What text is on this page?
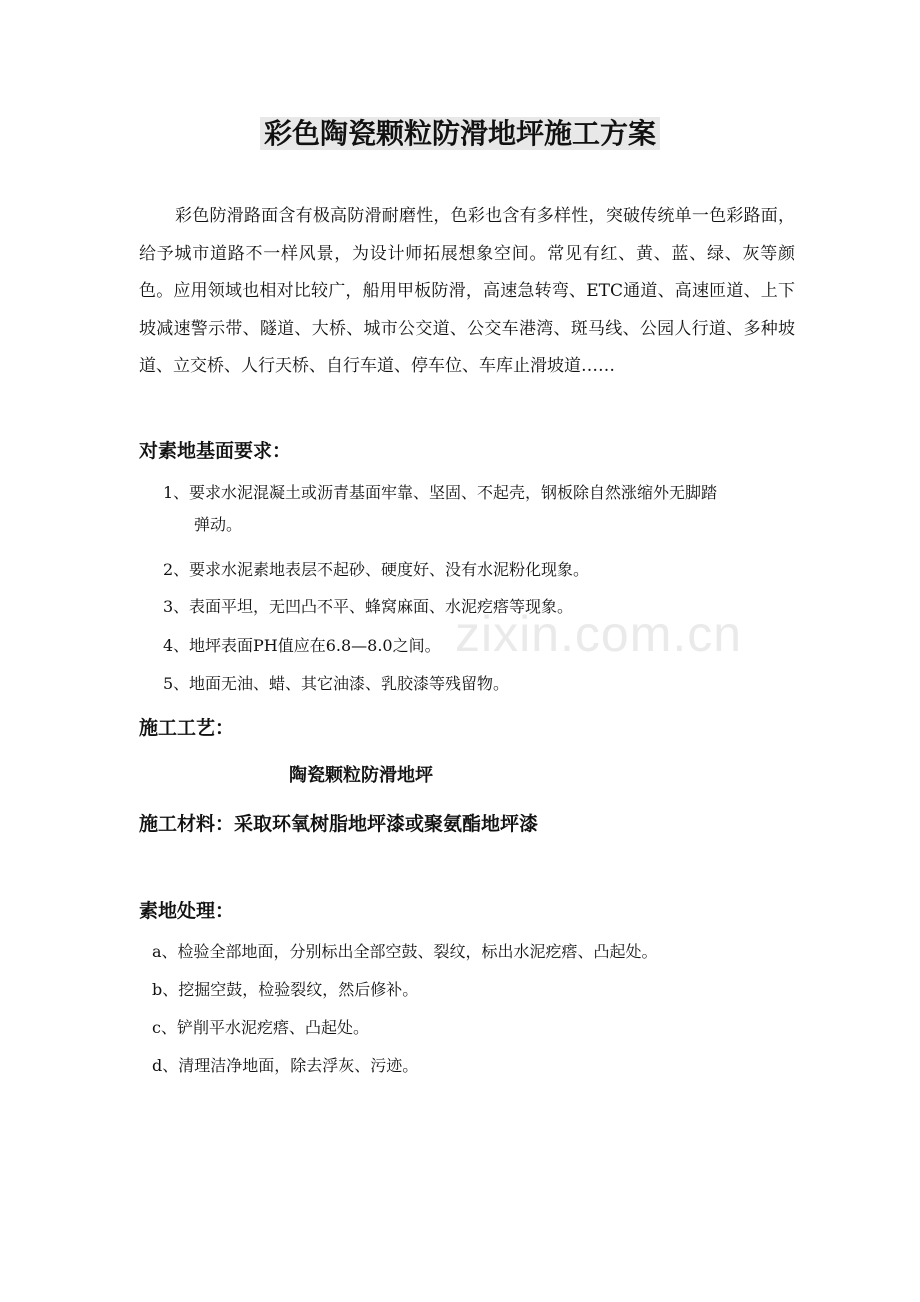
彩色陶瓷颗粒防滑地坪施工方案

彩色防滑路面含有极高防滑耐磨性，色彩也含有多样性，突破传统单一色彩路面，给予城市道路不一样风景，为设计师拓展想象空间。常见有红、黄、蓝、绿、灰等颜色。应用领域也相对比较广，船用甲板防滑，高速急转弯、ETC通道、高速匝道、上下坡减速警示带、隧道、大桥、城市公交道、公交车港湾、斑马线、公园人行道、多种坡道、立交桥、人行天桥、自行车道、停车位、车库止滑坡道……

对素地基面要求：
1、要求水泥混凝土或沥青基面牢靠、坚固、不起壳，钢板除自然涨缩外无脚踏
弹动。
2、要求水泥素地表层不起砂、硬度好、没有水泥粉化现象。
3、表面平坦，无凹凸不平、蜂窝麻面、水泥疙瘩等现象。
4、地坪表面PH值应在6.8—8.0之间。
5、地面无油、蜡、其它油漆、乳胶漆等残留物。
施工工艺：
陶瓷颗粒防滑地坪
施工材料：采取环氧树脂地坪漆或聚氨酯地坪漆
素地处理：
a、检验全部地面，分别标出全部空鼓、裂纹，标出水泥疙瘩、凸起处。
b、挖掘空鼓，检验裂纹，然后修补。
c、铲削平水泥疙瘩、凸起处。
d、清理洁净地面，除去浮灰、污迹。
zixin.com.cn
